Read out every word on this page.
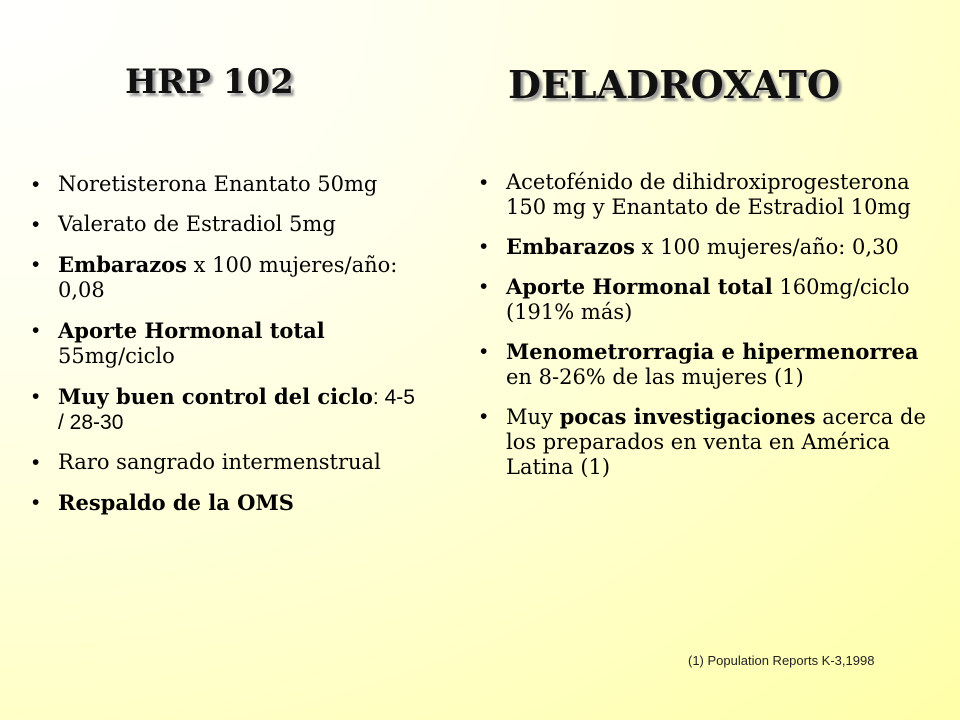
HRP 102	DELADROXATO
• Noretisterona Enantato 50mg
• Valerato de Estradiol 5mg
• Embarazos x 100 mujeres/año: 0,08
• Aporte Hormonal total 55mg/ciclo
• Muy buen control del ciclo: 4-5 / 28-30
• Raro sangrado intermenstrual
• Respaldo de la OMS
• Acetofénido de dihidroxiprogesterona 150 mg y Enantato de Estradiol 10mg
• Embarazos x 100 mujeres/año: 0,30
• Aporte Hormonal total 160mg/ciclo (191% más)
• Menometrorragia e hipermenorrea en 8-26% de las mujeres (1)
• Muy pocas investigaciones acerca de los preparados en venta en América Latina (1)
(1) Population Reports K-3,1998
